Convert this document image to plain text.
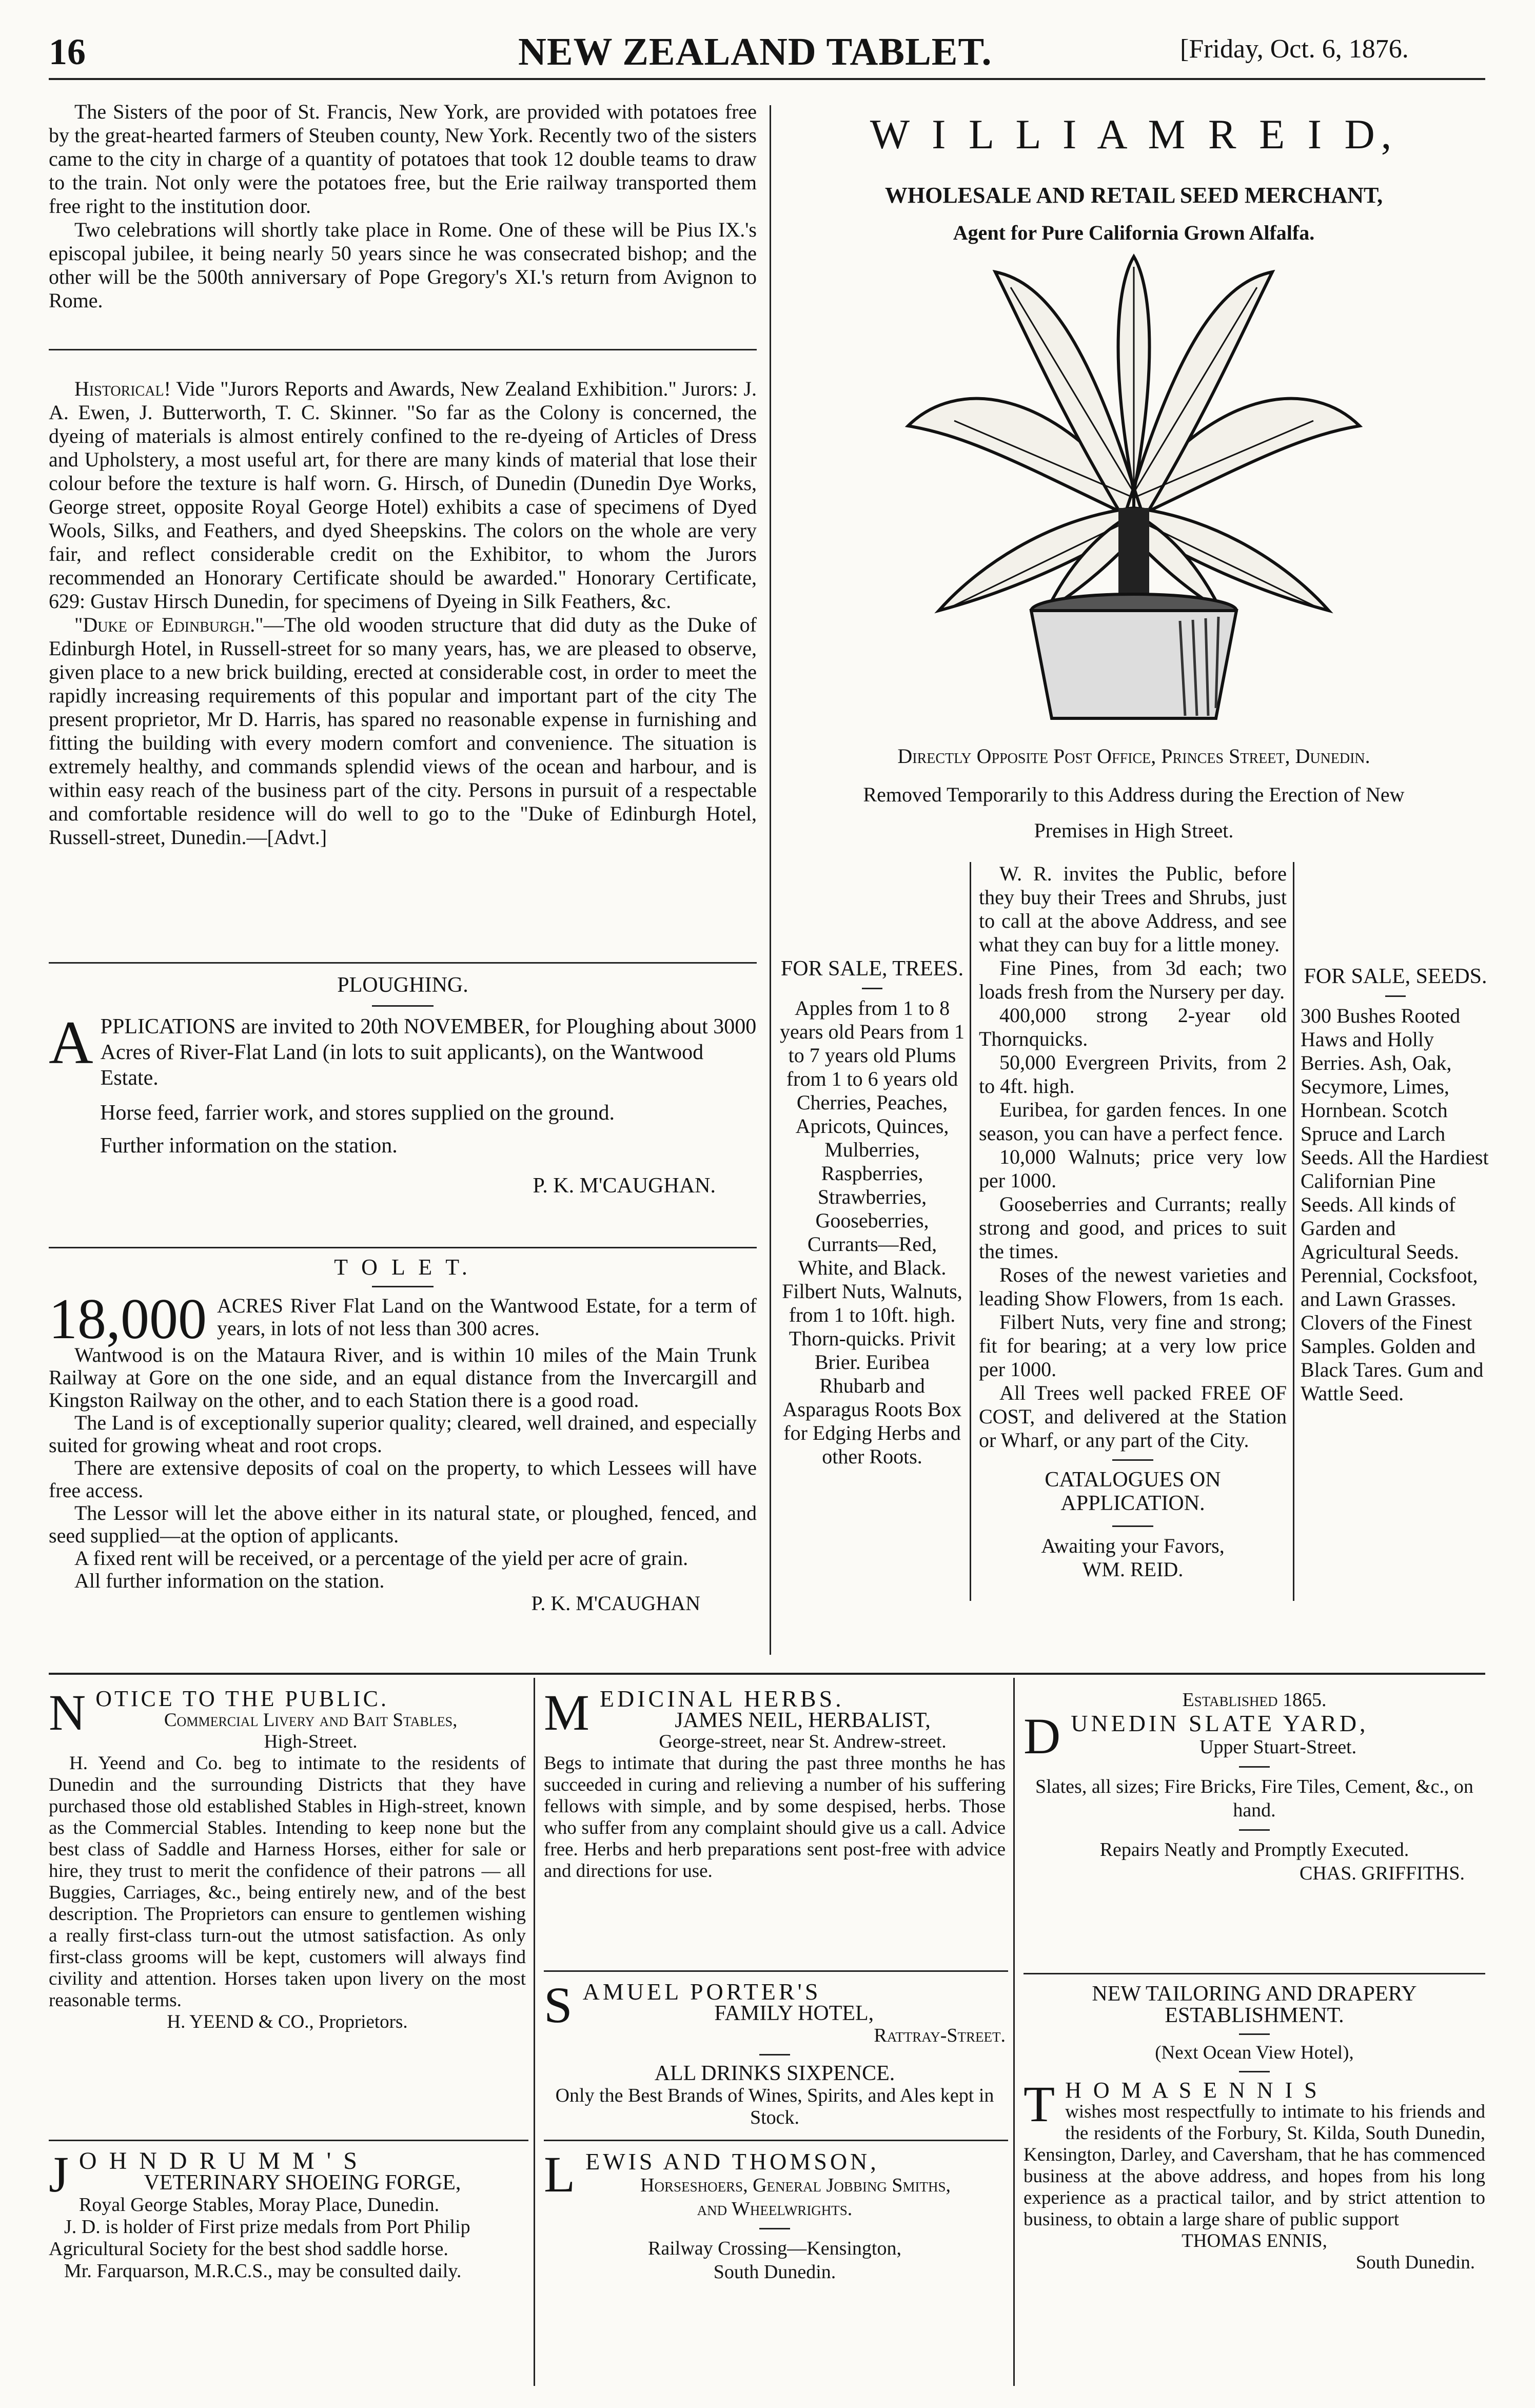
16	NEW ZEALAND TABLET.	[Friday, Oct. 6, 1876.

The Sisters of the poor of St. Francis, New York, are provided with potatoes free by the great-hearted farmers of Steuben county, New York. Recently two of the sisters came to the city in charge of a quantity of potatoes that took 12 double teams to draw to the train. Not only were the potatoes free, but the Erie railway transported them free right to the institution door.

Two celebrations will shortly take place in Rome. One of these will be Pius IX.'s episcopal jubilee, it being nearly 50 years since he was consecrated bishop; and the other will be the 500th anniversary of Pope Gregory's XI.'s return from Avignon to Rome.

Historical! Vide "Jurors Reports and Awards, New Zealand Exhibition." Jurors: J. A. Ewen, J. Butterworth, T. C. Skinner. "So far as the Colony is concerned, the dyeing of materials is almost entirely confined to the re-dyeing of Articles of Dress and Upholstery, a most useful art, for there are many kinds of material that lose their colour before the texture is half worn. G. Hirsch, of Dunedin (Dunedin Dye Works, George street, opposite Royal George Hotel) exhibits a case of specimens of Dyed Wools, Silks, and Feathers, and dyed Sheepskins. The colors on the whole are very fair, and reflect considerable credit on the Exhibitor, to whom the Jurors recommended an Honorary Certificate should be awarded." Honorary Certificate, 629: Gustav Hirsch Dunedin, for specimens of Dyeing in Silk Feathers, &c.

"Duke of Edinburgh."—The old wooden structure that did duty as the Duke of Edinburgh Hotel, in Russell-street for so many years, has, we are pleased to observe, given place to a new brick building, erected at considerable cost, in order to meet the rapidly increasing requirements of this popular and important part of the city The present proprietor, Mr D. Harris, has spared no reasonable expense in furnishing and fitting the building with every modern comfort and convenience. The situation is extremely healthy, and commands splendid views of the ocean and harbour, and is within easy reach of the business part of the city. Persons in pursuit of a respectable and comfortable residence will do well to go to the "Duke of Edinburgh Hotel, Russell-street, Dunedin.—[Advt.]

PLOUGHING.

APPLICATIONS are invited to 20th NOVEMBER, for Ploughing about 3000 Acres of River-Flat Land (in lots to suit applicants), on the Wantwood Estate.

Horse feed, farrier work, and stores supplied on the ground.

Further information on the station.

P. K. M'CAUGHAN.

T O L E T.

18,000 ACRES River Flat Land on the Wantwood Estate, for a term of years, in lots of not less than 300 acres.

Wantwood is on the Mataura River, and is within 10 miles of the Main Trunk Railway at Gore on the one side, and an equal distance from the Invercargill and Kingston Railway on the other, and to each Station there is a good road.

The Land is of exceptionally superior quality; cleared, well drained, and especially suited for growing wheat and root crops.

There are extensive deposits of coal on the property, to which Lessees will have free access.

The Lessor will let the above either in its natural state, or ploughed, fenced, and seed supplied—at the option of applicants.

A fixed rent will be received, or a percentage of the yield per acre of grain.

All further information on the station.

P. K. M'CAUGHAN

W I L L I A M R E I D,
WHOLESALE AND RETAIL SEED MERCHANT,
Agent for Pure California Grown Alfalfa.
Directly Opposite Post Office, Princes Street, Dunedin.
Removed Temporarily to this Address during the Erection of New
Premises in High Street.
FOR SALE, TREES.
Apples from 1 to 8 years old Pears from 1 to 7 years old Plums from 1 to 6 years old Cherries, Peaches, Apricots, Quinces, Mulberries, Raspberries, Strawberries, Gooseberries, Currants—Red, White, and Black. Filbert Nuts, Walnuts, from 1 to 10ft. high. Thorn-quicks. Privit Brier. Euribea Rhubarb and Asparagus Roots Box for Edging Herbs and other Roots.

W. R. invites the Public, before they buy their Trees and Shrubs, just to call at the above Address, and see what they can buy for a little money.

Fine Pines, from 3d each; two loads fresh from the Nursery per day.

400,000 strong 2-year old Thornquicks.

50,000 Evergreen Privits, from 2 to 4ft. high.

Euribea, for garden fences. In one season, you can have a perfect fence.

10,000 Walnuts; price very low per 1000.

Gooseberries and Currants; really strong and good, and prices to suit the times.

Roses of the newest varieties and leading Show Flowers, from 1s each.

Filbert Nuts, very fine and strong; fit for bearing; at a very low price per 1000.

All Trees well packed FREE OF COST, and delivered at the Station or Wharf, or any part of the City.

CATALOGUES ON APPLICATION.
Awaiting your Favors,
WM. REID.
FOR SALE, SEEDS.
300 Bushes Rooted Haws and Holly Berries. Ash, Oak, Secymore, Limes, Hornbean. Scotch Spruce and Larch Seeds. All the Hardiest Californian Pine Seeds. All kinds of Garden and Agricultural Seeds. Perennial, Cocksfoot, and Lawn Grasses. Clovers of the Finest Samples. Golden and Black Tares. Gum and Wattle Seed.
NOTICE TO THE PUBLIC.
Commercial Livery and Bait Stables,
High-Street.

H. Yeend and Co. beg to intimate to the residents of Dunedin and the surrounding Districts that they have purchased those old established Stables in High-street, known as the Commercial Stables. Intending to keep none but the best class of Saddle and Harness Horses, either for sale or hire, they trust to merit the confidence of their patrons — all Buggies, Carriages, &c., being entirely new, and of the best description. The Proprietors can ensure to gentlemen wishing a really first-class turn-out the utmost satisfaction. As only first-class grooms will be kept, customers will always find civility and attention. Horses taken upon livery on the most reasonable terms.

H. YEEND & CO., Proprietors.
J O H N D R U M M ' S
VETERINARY SHOEING FORGE,
Royal George Stables, Moray Place, Dunedin.

J. D. is holder of First prize medals from Port Philip Agricultural Society for the best shod saddle horse.

Mr. Farquarson, M.R.C.S., may be consulted daily.

MEDICINAL HERBS.
JAMES NEIL, HERBALIST,
George-street, near St. Andrew-street.

Begs to intimate that during the past three months he has succeeded in curing and relieving a number of his suffering fellows with simple, and by some despised, herbs. Those who suffer from any complaint should give us a call. Advice free. Herbs and herb preparations sent post-free with advice and directions for use.

SAMUEL PORTER'S
FAMILY HOTEL,
Rattray-Street.
ALL DRINKS SIXPENCE.
Only the Best Brands of Wines, Spirits, and Ales kept in Stock.
LEWIS AND THOMSON,
Horseshoers, General Jobbing Smiths,
and Wheelwrights.
Railway Crossing—Kensington,
South Dunedin.
Established 1865.
DUNEDIN SLATE YARD,
Upper Stuart-Street.
Slates, all sizes; Fire Bricks, Fire Tiles, Cement, &c., on hand.
Repairs Neatly and Promptly Executed.
CHAS. GRIFFITHS.
NEW TAILORING AND DRAPERY ESTABLISHMENT.
(Next Ocean View Hotel),
T H O M A S E N N I S

wishes most respectfully to intimate to his friends and the residents of the Forbury, St. Kilda, South Dunedin, Kensington, Darley, and Caversham, that he has commenced business at the above address, and hopes from his long experience as a practical tailor, and by strict attention to business, to obtain a large share of public support

THOMAS ENNIS,
South Dunedin.
